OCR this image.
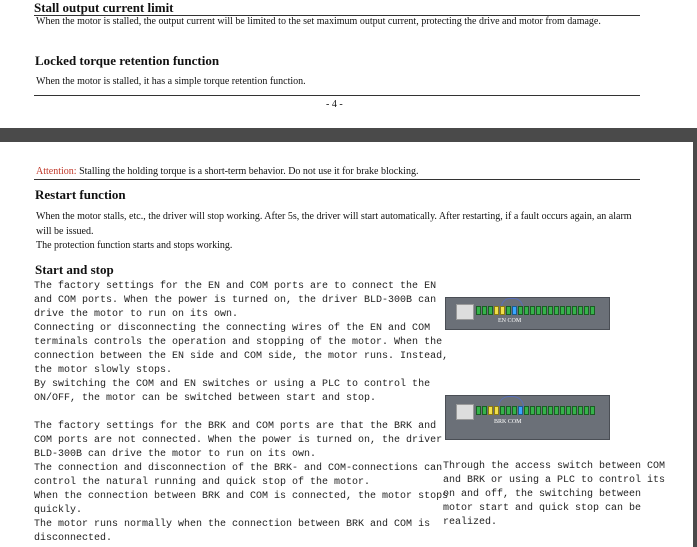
Stall output current limit

When the motor is stalled, the output current will be limited to the set maximum output current, protecting the drive and motor from damage.

Locked torque retention function

When the motor is stalled, it has a simple torque retention function.

- 4 -
Attention: Stalling the holding torque is a short-term behavior. Do not use it for brake blocking.
Restart function

When the motor stalls, etc., the driver will stop working. After 5s, the driver will start automatically. After restarting, if a fault occurs again, an alarm will be issued.

The protection function starts and stops working.

Start and stop
The factory settings for the EN and COM ports are to connect the EN
and COM ports. When the power is turned on, the driver BLD-300B can
drive the motor to run on its own.
Connecting or disconnecting the connecting wires of the EN and COM
terminals controls the operation and stopping of the motor. When the
connection between the EN side and COM side, the motor runs. Instead,
the motor slowly stops.
By switching the COM and EN switches or using a PLC to control the
ON/OFF, the motor can be switched between start and stop.
The factory settings for the BRK and COM ports are that the BRK and
COM ports are not connected. When the power is turned on, the driver
BLD-300B can drive the motor to run on its own.
The connection and disconnection of the BRK- and COM-connections can
control the natural running and quick stop of the motor.
When the connection between BRK and COM is connected, the motor stops
quickly.
The motor runs normally when the connection between BRK and COM is
disconnected.
EN COM
BRK COM
Through the access switch between COM
and BRK or using a PLC to control its
on and off, the switching between
motor start and quick stop can be
realized.
